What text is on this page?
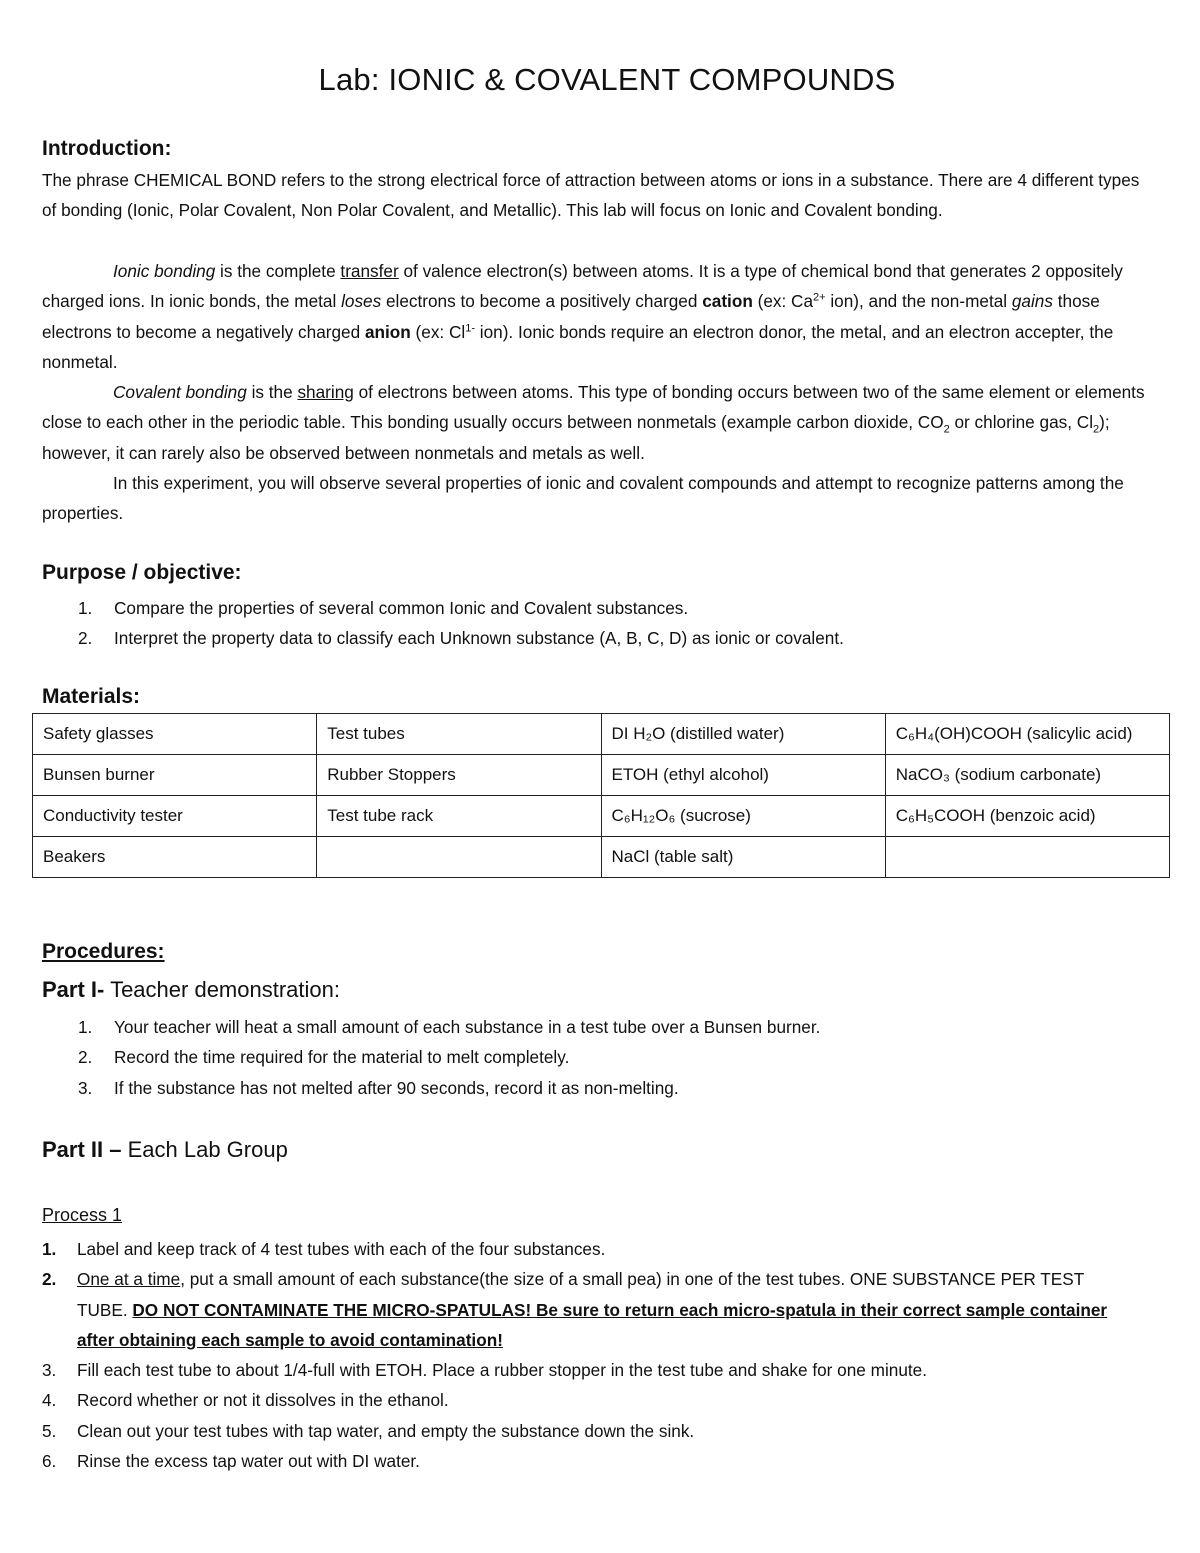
Lab: IONIC & COVALENT COMPOUNDS
Introduction:

The phrase CHEMICAL BOND refers to the strong electrical force of attraction between atoms or ions in a substance. There are 4 different types of bonding (Ionic, Polar Covalent, Non Polar Covalent, and Metallic). This lab will focus on Ionic and Covalent bonding.

Ionic bonding is the complete transfer of valence electron(s) between atoms. It is a type of chemical bond that generates 2 oppositely charged ions. In ionic bonds, the metal loses electrons to become a positively charged cation (ex: $Ca^{2+}$ ion), and the non-metal gains those electrons to become a negatively charged anion (ex: $Cl^{1-}$ ion). Ionic bonds require an electron donor, the metal, and an electron accepter, the nonmetal.

Covalent bonding is the sharing of electrons between atoms. This type of bonding occurs between two of the same element or elements close to each other in the periodic table. This bonding usually occurs between nonmetals (example carbon dioxide, $CO_2$ or chlorine gas, $Cl_2$); however, it can rarely also be observed between nonmetals and metals as well.

In this experiment, you will observe several properties of ionic and covalent compounds and attempt to recognize patterns among the properties.

Purpose / objective:
1. Compare the properties of several common Ionic and Covalent substances.
2. Interpret the property data to classify each Unknown substance (A, B, C, D) as ionic or covalent.
Materials:
Safety glasses	Test tubes	DI H₂O (distilled water)	C₆H₄(OH)COOH (salicylic acid)
Bunsen burner	Rubber Stoppers	ETOH (ethyl alcohol)	NaCO₃ (sodium carbonate)
Conductivity tester	Test tube rack	C₆H₁₂O₆ (sucrose)	C₆H₅COOH (benzoic acid)
Beakers		NaCl (table salt)	
Procedures:
Part I- Teacher demonstration:
1. Your teacher will heat a small amount of each substance in a test tube over a Bunsen burner.
2. Record the time required for the material to melt completely.
3. If the substance has not melted after 90 seconds, record it as non-melting.
Part II – Each Lab Group
Process 1
1. Label and keep track of 4 test tubes with each of the four substances.
2. One at a time, put a small amount of each substance(the size of a small pea) in one of the test tubes. ONE SUBSTANCE PER TEST TUBE. DO NOT CONTAMINATE THE MICRO-SPATULAS! Be sure to return each micro-spatula in their correct sample container after obtaining each sample to avoid contamination!
3. Fill each test tube to about 1/4-full with ETOH. Place a rubber stopper in the test tube and shake for one minute.
4. Record whether or not it dissolves in the ethanol.
5. Clean out your test tubes with tap water, and empty the substance down the sink.
6. Rinse the excess tap water out with DI water.
